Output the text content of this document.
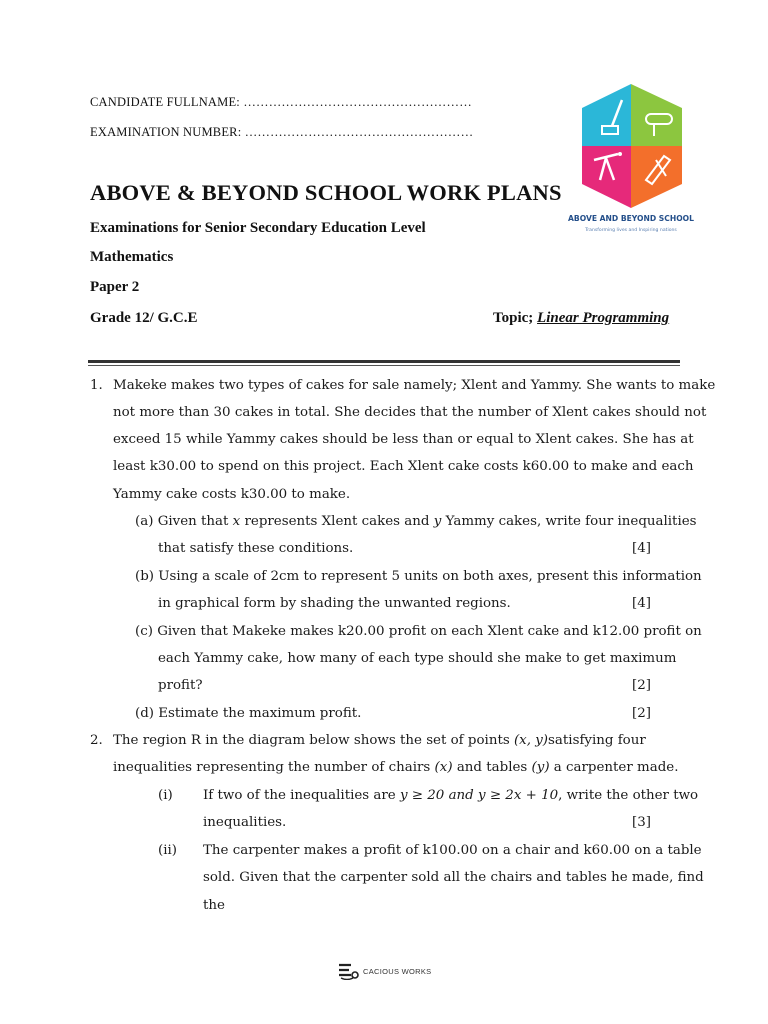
CANDIDATE FULLNAME: ………………………………………………
EXAMINATION NUMBER: ………………………………………………
ABOVE AND BEYOND SCHOOL
Transforming lives and Inspiring nations
ABOVE & BEYOND SCHOOL WORK PLANS
Examinations for Senior Secondary Education Level
Mathematics
Paper 2
Grade 12/ G.C.E	Topic; Linear Programming
1. Makeke makes two types of cakes for sale namely; Xlent and Yammy. She wants to make
not more than 30 cakes in total. She decides that the number of Xlent cakes should not
exceed 15 while Yammy cakes should be less than or equal to Xlent cakes. She has at
least k30.00 to spend on this project. Each Xlent cake costs k60.00 to make and each
Yammy cake costs k30.00 to make.
(a) Given that x represents Xlent cakes and y Yammy cakes, write four inequalities
that satisfy these conditions.	[4]
(b) Using a scale of 2cm to represent 5 units on both axes, present this information
in graphical form by shading the unwanted regions.	[4]
(c) Given that Makeke makes k20.00 profit on each Xlent cake and k12.00 profit on
each Yammy cake, how many of each type should she make to get maximum
profit?	[2]
(d) Estimate the maximum profit.	[2]
2. The region R in the diagram below shows the set of points (x, y)satisfying four
inequalities representing the number of chairs (x) and tables (y) a carpenter made.
(i) If two of the inequalities are y ≥ 20 and y ≥ 2x + 10, write the other two
inequalities.	[3]
(ii) The carpenter makes a profit of k100.00 on a chair and k60.00 on a table
sold. Given that the carpenter sold all the chairs and tables he made, find
the
CACIOUS WORKS
